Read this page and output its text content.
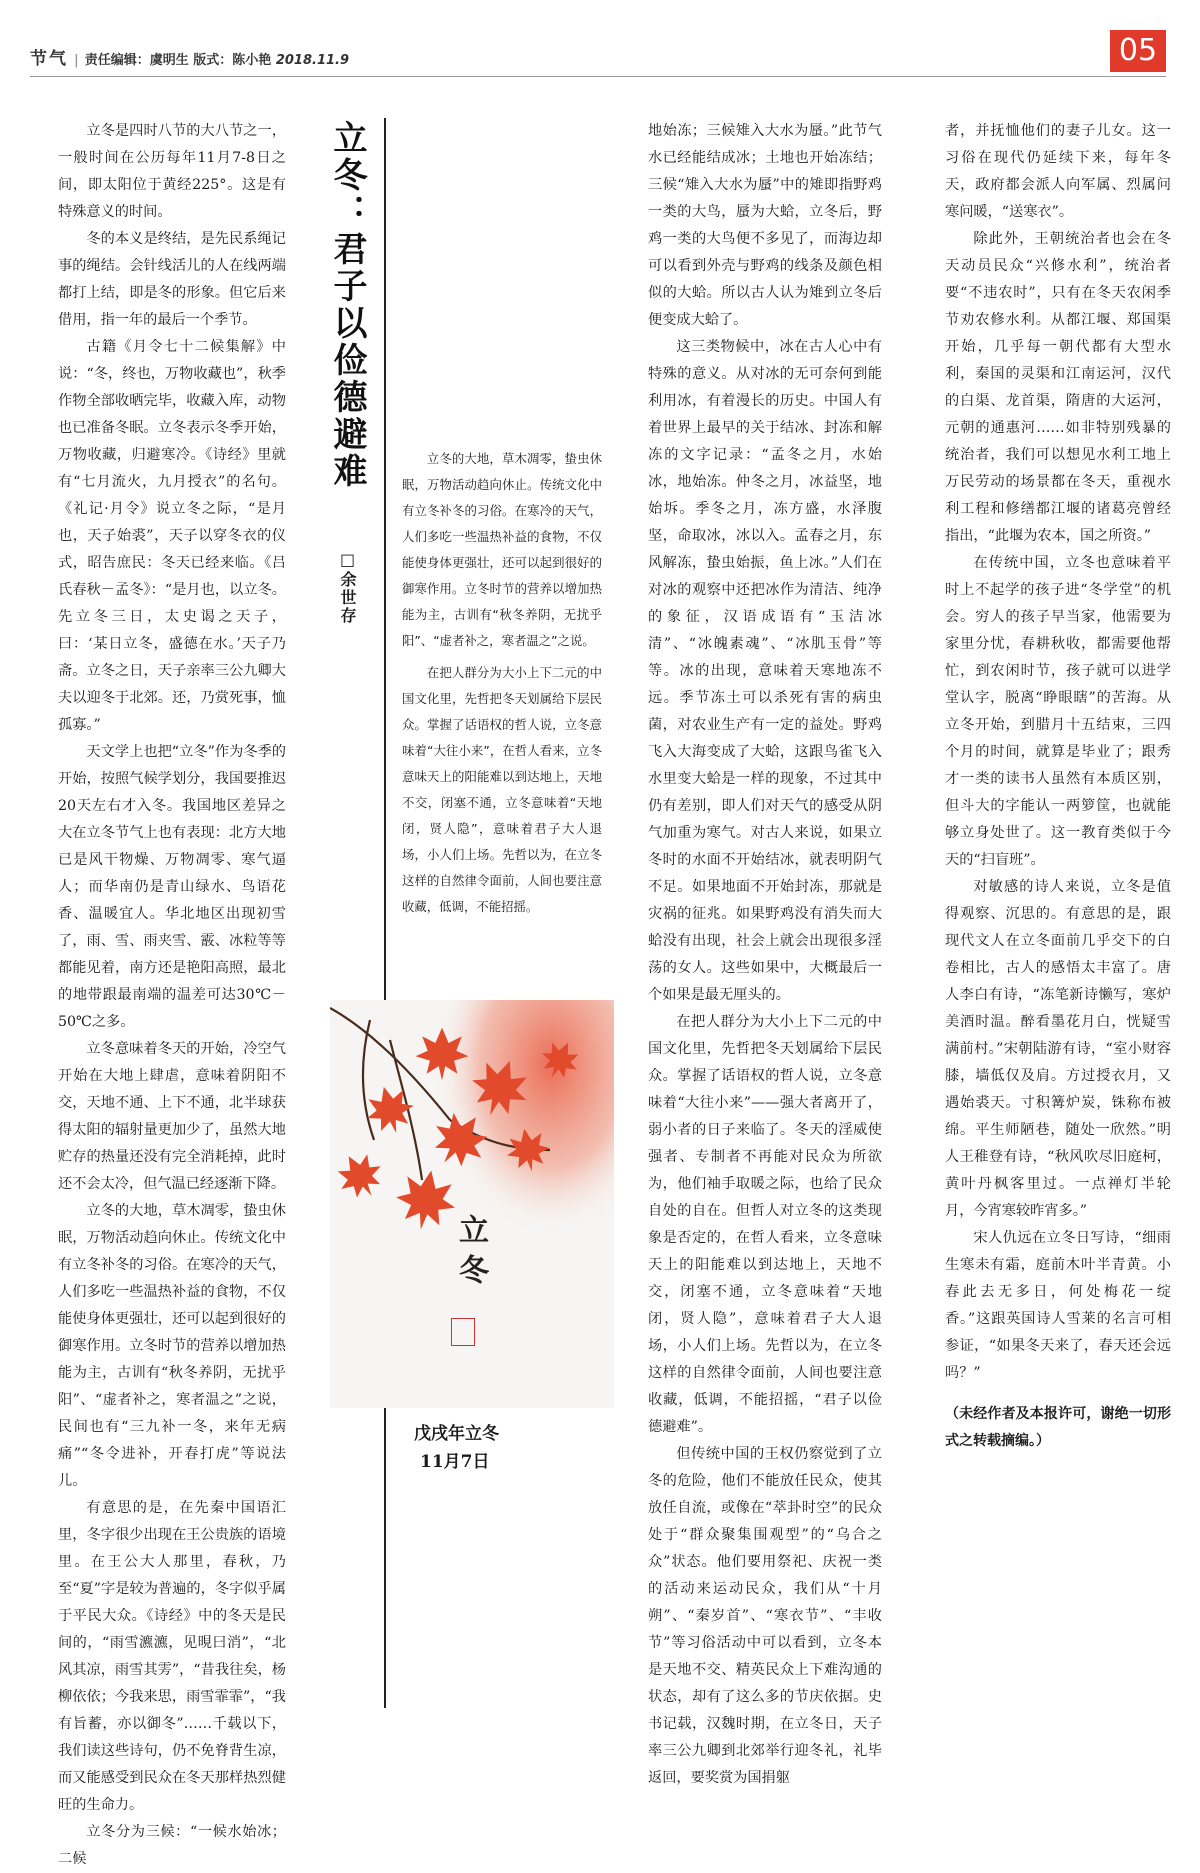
节气 | 责任编辑：虞明生 版式：陈小艳 2018.11.9	05

立冬是四时八节的大八节之一，一般时间在公历每年11月7-8日之间，即太阳位于黄经225°。这是有特殊意义的时间。

冬的本义是终结，是先民系绳记事的绳结。会针线活儿的人在线两端都打上结，即是冬的形象。但它后来借用，指一年的最后一个季节。

古籍《月令七十二候集解》中说：“冬，终也，万物收藏也”，秋季作物全部收晒完毕，收藏入库，动物也已准备冬眠。立冬表示冬季开始，万物收藏，归避寒冷。《诗经》里就有“七月流火，九月授衣”的名句。《礼记·月令》说立冬之际，“是月也，天子始裘”，天子以穿冬衣的仪式，昭告庶民：冬天已经来临。《吕氏春秋－孟冬》：“是月也，以立冬。先立冬三日，太史谒之天子，曰：‘某日立冬，盛德在水。’天子乃斋。立冬之日，天子亲率三公九卿大夫以迎冬于北郊。还，乃赏死事，恤孤寡。”

天文学上也把“立冬”作为冬季的开始，按照气候学划分，我国要推迟20天左右才入冬。我国地区差异之大在立冬节气上也有表现：北方大地已是风干物燥、万物凋零、寒气逼人；而华南仍是青山绿水、鸟语花香、温暖宜人。华北地区出现初雪了，雨、雪、雨夹雪、霰、冰粒等等都能见着，南方还是艳阳高照，最北的地带跟最南端的温差可达30℃－50℃之多。

立冬意味着冬天的开始，冷空气开始在大地上肆虐，意味着阴阳不交，天地不通、上下不通，北半球获得太阳的辐射量更加少了，虽然大地贮存的热量还没有完全消耗掉，此时还不会太冷，但气温已经逐渐下降。

立冬的大地，草木凋零，蛰虫休眠，万物活动趋向休止。传统文化中有立冬补冬的习俗。在寒冷的天气，人们多吃一些温热补益的食物，不仅能使身体更强壮，还可以起到很好的御寒作用。立冬时节的营养以增加热能为主，古训有“秋冬养阴，无扰乎阳”、“虚者补之，寒者温之”之说，民间也有“三九补一冬，来年无病痛”“冬令进补，开春打虎”等说法儿。

有意思的是，在先秦中国语汇里，冬字很少出现在王公贵族的语境里。在王公大人那里，春秋，乃至“夏”字是较为普遍的，冬字似乎属于平民大众。《诗经》中的冬天是民间的，“雨雪瀌瀌，见晛曰消”，“北风其凉，雨雪其雱”，“昔我往矣，杨柳依依；今我来思，雨雪霏霏”，“我有旨蓄，亦以御冬”……千载以下，我们读这些诗句，仍不免脊背生凉，而又能感受到民众在冬天那样热烈健旺的生命力。

立冬分为三候：“一候水始冰；二候

立冬：君子以俭德避难
□余世存

立冬的大地，草木凋零，蛰虫休眠，万物活动趋向休止。传统文化中有立冬补冬的习俗。在寒冷的天气，人们多吃一些温热补益的食物，不仅能使身体更强壮，还可以起到很好的御寒作用。立冬时节的营养以增加热能为主，古训有“秋冬养阴，无扰乎阳”、“虚者补之，寒者温之”之说。

在把人群分为大小上下二元的中国文化里，先哲把冬天划属给下层民众。掌握了话语权的哲人说，立冬意味着“大往小来”，在哲人看来，立冬意味天上的阳能难以到达地上，天地不交，闭塞不通，立冬意味着“天地闭，贤人隐”，意味着君子大人退场，小人们上场。先哲以为，在立冬这样的自然律令面前，人间也要注意收藏，低调，不能招摇。

立冬
戊戌年立冬
11月7日

地始冻；三候雉入大水为蜃。”此节气水已经能结成冰；土地也开始冻结；三候“雉入大水为蜃”中的雉即指野鸡一类的大鸟，蜃为大蛤，立冬后，野鸡一类的大鸟便不多见了，而海边却可以看到外壳与野鸡的线条及颜色相似的大蛤。所以古人认为雉到立冬后便变成大蛤了。

这三类物候中，冰在古人心中有特殊的意义。从对冰的无可奈何到能利用冰，有着漫长的历史。中国人有着世界上最早的关于结冰、封冻和解冻的文字记录：“孟冬之月，水始冰，地始冻。仲冬之月，冰益坚，地始坼。季冬之月，冻方盛，水泽腹坚，命取冰，冰以入。孟春之月，东风解冻，蛰虫始振，鱼上冰。”人们在对冰的观察中还把冰作为清洁、纯净的象征，汉语成语有“玉洁冰清”、“冰魄素魂”、“冰肌玉骨”等等。冰的出现，意味着天寒地冻不远。季节冻土可以杀死有害的病虫菌，对农业生产有一定的益处。野鸡飞入大海变成了大蛤，这跟鸟雀飞入水里变大蛤是一样的现象，不过其中仍有差别，即人们对天气的感受从阴气加重为寒气。对古人来说，如果立冬时的水面不开始结冰，就表明阴气不足。如果地面不开始封冻，那就是灾祸的征兆。如果野鸡没有消失而大蛤没有出现，社会上就会出现很多淫荡的女人。这些如果中，大概最后一个如果是最无厘头的。

在把人群分为大小上下二元的中国文化里，先哲把冬天划属给下层民众。掌握了话语权的哲人说，立冬意味着“大往小来”——强大者离开了，弱小者的日子来临了。冬天的淫威使强者、专制者不再能对民众为所欲为，他们袖手取暖之际，也给了民众自处的自在。但哲人对立冬的这类现象是否定的，在哲人看来，立冬意味天上的阳能难以到达地上，天地不交，闭塞不通，立冬意味着“天地闭，贤人隐”，意味着君子大人退场，小人们上场。先哲以为，在立冬这样的自然律令面前，人间也要注意收藏，低调，不能招摇，“君子以俭德避难”。

但传统中国的王权仍察觉到了立冬的危险，他们不能放任民众，使其放任自流，或像在“萃卦时空”的民众处于“群众聚集围观型”的“乌合之众”状态。他们要用祭祀、庆祝一类的活动来运动民众，我们从“十月朔”、“秦岁首”、“寒衣节”、“丰收节”等习俗活动中可以看到，立冬本是天地不交、精英民众上下难沟通的状态，却有了这么多的节庆依据。史书记载，汉魏时期，在立冬日，天子率三公九卿到北郊举行迎冬礼，礼毕返回，要奖赏为国捐躯

者，并抚恤他们的妻子儿女。这一习俗在现代仍延续下来，每年冬天，政府都会派人向军属、烈属问寒问暖，“送寒衣”。

除此外，王朝统治者也会在冬天动员民众“兴修水利”，统治者要“不违农时”，只有在冬天农闲季节劝农修水利。从都江堰、郑国渠开始，几乎每一朝代都有大型水利，秦国的灵渠和江南运河，汉代的白渠、龙首渠，隋唐的大运河，元朝的通惠河……如非特别残暴的统治者，我们可以想见水利工地上万民劳动的场景都在冬天，重视水利工程和修缮都江堰的诸葛亮曾经指出，“此堰为农本，国之所资。”

在传统中国，立冬也意味着平时上不起学的孩子进“冬学堂”的机会。穷人的孩子早当家，他需要为家里分忧，春耕秋收，都需要他帮忙，到农闲时节，孩子就可以进学堂认字，脱离“睁眼瞎”的苦海。从立冬开始，到腊月十五结束，三四个月的时间，就算是毕业了；跟秀才一类的读书人虽然有本质区别，但斗大的字能认一两箩筐，也就能够立身处世了。这一教育类似于今天的“扫盲班”。

对敏感的诗人来说，立冬是值得观察、沉思的。有意思的是，跟现代文人在立冬面前几乎交下的白卷相比，古人的感悟太丰富了。唐人李白有诗，“冻笔新诗懒写，寒炉美酒时温。醉看墨花月白，恍疑雪满前村。”宋朝陆游有诗，“室小财容膝，墙低仅及肩。方过授衣月，又遇始裘天。寸积篝炉炭，铢称布被绵。平生师陋巷，随处一欣然。”明人王稚登有诗，“秋风吹尽旧庭柯，黄叶丹枫客里过。一点禅灯半轮月，今宵寒较昨宵多。”

宋人仇远在立冬日写诗，“细雨生寒未有霜，庭前木叶半青黄。小春此去无多日，何处梅花一绽香。”这跟英国诗人雪莱的名言可相参证，“如果冬天来了，春天还会远吗？”

（未经作者及本报许可，谢绝一切形式之转载摘编。）
